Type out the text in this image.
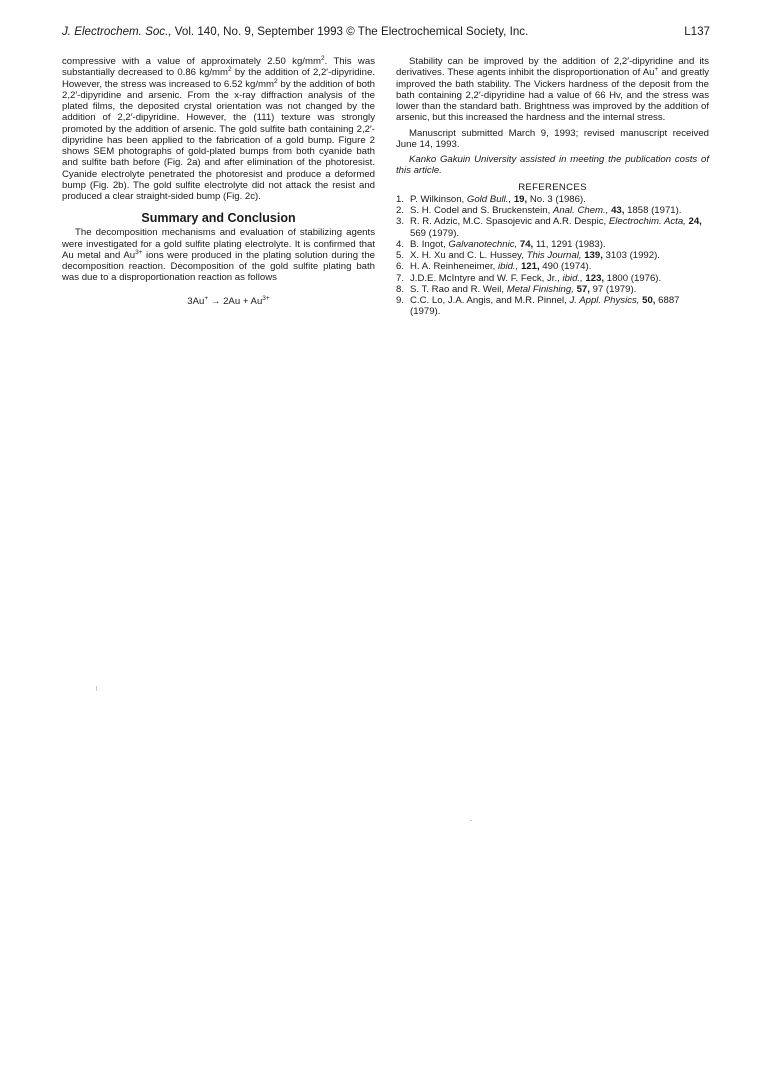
J. Electrochem. Soc., Vol. 140, No. 9, September 1993 © The Electrochemical Society, Inc.	L137

compressive with a value of approximately 2.50 $kg/mm^2$. This was substantially decreased to 0.86 $kg/mm^2$ by the addition of 2,2′-dipyridine. However, the stress was increased to 6.52 $kg/mm^2$ by the addition of both 2,2′-dipyridine and arsenic. From the x-ray diffraction analysis of the plated films, the deposited crystal orientation was not changed by the addition of 2,2′-dipyridine. However, the (111) texture was strongly promoted by the addition of arsenic. The gold sulfite bath containing 2,2′-dipyridine has been applied to the fabrication of a gold bump. Figure 2 shows SEM photographs of gold-plated bumps from both cyanide bath and sulfite bath before (Fig. 2a) and after elimination of the photoresist. Cyanide electrolyte penetrated the photoresist and produce a deformed bump (Fig. 2b). The gold sulfite electrolyte did not attack the resist and produced a clear straight-sided bump (Fig. 2c).

Summary and Conclusion

The decomposition mechanisms and evaluation of stabilizing agents were investigated for a gold sulfite plating electrolyte. It is confirmed that Au metal and $Au^{3+}$ ions were produced in the plating solution during the decomposition reaction. Decomposition of the gold sulfite plating bath was due to a disproportionation reaction as follows

$3Au^+ \to 2Au + Au^{3+}$

Stability can be improved by the addition of 2,2′-dipyridine and its derivatives. These agents inhibit the disproportionation of Au+ and greatly improved the bath stability. The Vickers hardness of the deposit from the bath containing 2,2′-dipyridine had a value of 66 Hv, and the stress was lower than the standard bath. Brightness was improved by the addition of arsenic, but this increased the hardness and the internal stress.

Manuscript submitted March 9, 1993; revised manuscript received June 14, 1993.

Kanko Gakuin University assisted in meeting the publication costs of this article.

REFERENCES
1. P. Wilkinson, Gold Bull., 19, No. 3 (1986).
2. S. H. Codel and S. Bruckenstein, Anal. Chem., 43, 1858 (1971).
3. R. R. Adzic, M.C. Spasojevic and A.R. Despic, Electrochim. Acta, 24, 569 (1979).
4. B. Ingot, Galvanotechnic, 74, 11, 1291 (1983).
5. X. H. Xu and C. L. Hussey, This Journal, 139, 3103 (1992).
6. H. A. Reinheneimer, ibid., 121, 490 (1974).
7. J.D.E. McIntyre and W. F. Feck, Jr., ibid., 123, 1800 (1976).
8. S. T. Rao and R. Weil, Metal Finishing, 57, 97 (1979).
9. C.C. Lo, J.A. Angis, and M.R. Pinnel, J. Appl. Physics, 50, 6887 (1979).
